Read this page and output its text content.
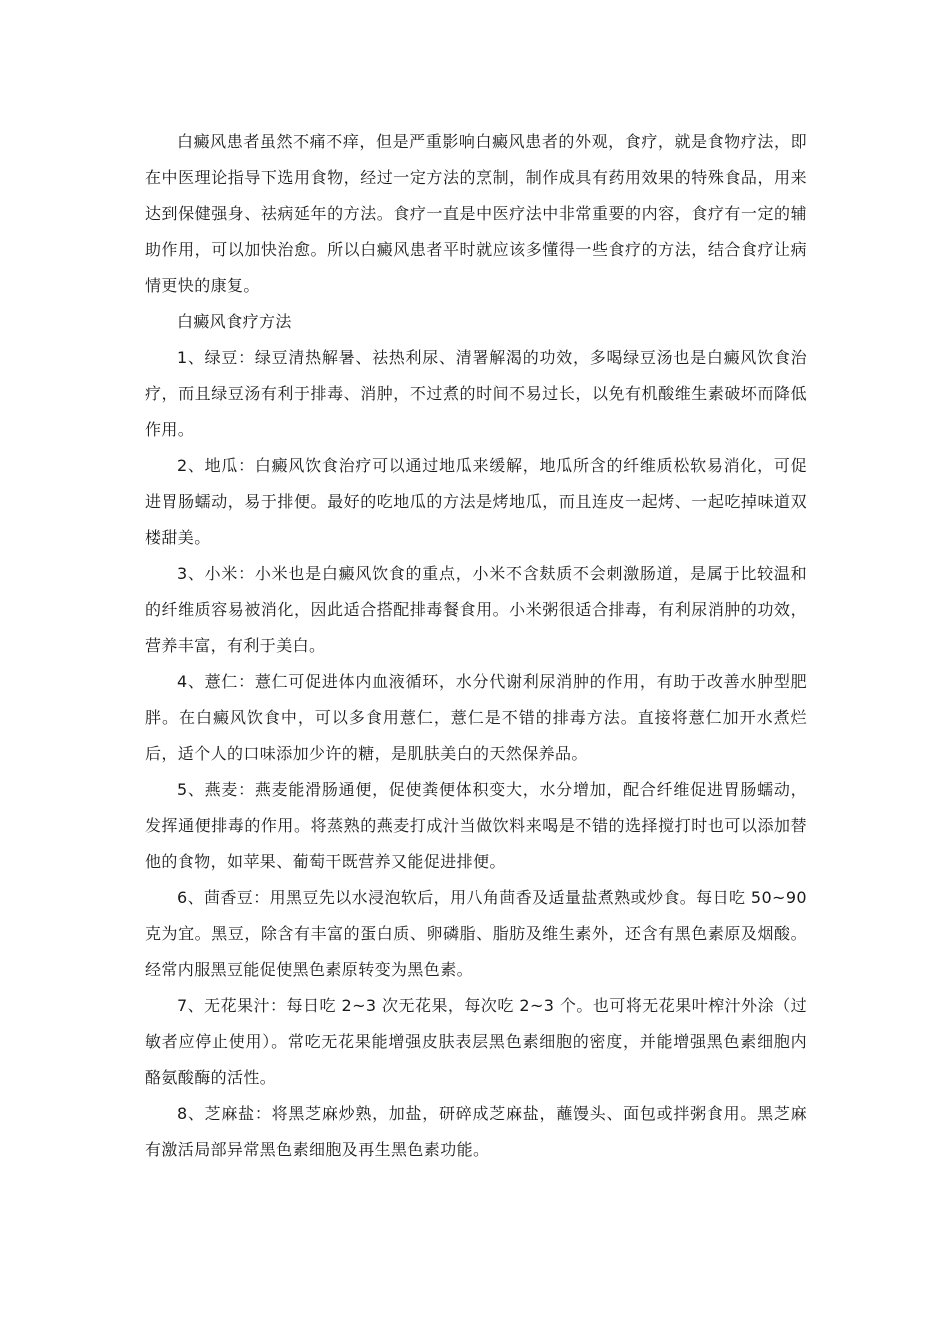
白癜风患者虽然不痛不痒，但是严重影响白癜风患者的外观，食疗，就是食物疗法，即在中医理论指导下选用食物，经过一定方法的烹制，制作成具有药用效果的特殊食品，用来达到保健强身、祛病延年的方法。食疗一直是中医疗法中非常重要的内容，食疗有一定的辅助作用，可以加快治愈。所以白癜风患者平时就应该多懂得一些食疗的方法，结合食疗让病情更快的康复。

白癜风食疗方法

1、绿豆：绿豆清热解暑、祛热利尿、清署解渴的功效，多喝绿豆汤也是白癜风饮食治疗，而且绿豆汤有利于排毒、消肿，不过煮的时间不易过长，以免有机酸维生素破坏而降低作用。

2、地瓜：白癜风饮食治疗可以通过地瓜来缓解，地瓜所含的纤维质松软易消化，可促进胃肠蠕动，易于排便。最好的吃地瓜的方法是烤地瓜，而且连皮一起烤、一起吃掉味道双楼甜美。

3、小米：小米也是白癜风饮食的重点，小米不含麸质不会刺激肠道，是属于比较温和的纤维质容易被消化，因此适合搭配排毒餐食用。小米粥很适合排毒，有利尿消肿的功效，营养丰富，有利于美白。

4、薏仁：薏仁可促进体内血液循环，水分代谢利尿消肿的作用，有助于改善水肿型肥胖。在白癜风饮食中，可以多食用薏仁，薏仁是不错的排毒方法。直接将薏仁加开水煮烂后，适个人的口味添加少许的糖，是肌肤美白的天然保养品。

5、燕麦：燕麦能滑肠通便，促使粪便体积变大，水分增加，配合纤维促进胃肠蠕动，发挥通便排毒的作用。将蒸熟的燕麦打成汁当做饮料来喝是不错的选择搅打时也可以添加替他的食物，如苹果、葡萄干既营养又能促进排便。

6、茴香豆：用黑豆先以水浸泡软后，用八角茴香及适量盐煮熟或炒食。每日吃 50~90 克为宜。黑豆，除含有丰富的蛋白质、卵磷脂、脂肪及维生素外，还含有黑色素原及烟酸。经常内服黑豆能促使黑色素原转变为黑色素。

7、无花果汁：每日吃 2~3 次无花果，每次吃 2~3 个。也可将无花果叶榨汁外涂（过敏者应停止使用）。常吃无花果能增强皮肤表层黑色素细胞的密度，并能增强黑色素细胞内酪氨酸酶的活性。

8、芝麻盐：将黑芝麻炒熟，加盐，研碎成芝麻盐，蘸馒头、面包或拌粥食用。黑芝麻有激活局部异常黑色素细胞及再生黑色素功能。
